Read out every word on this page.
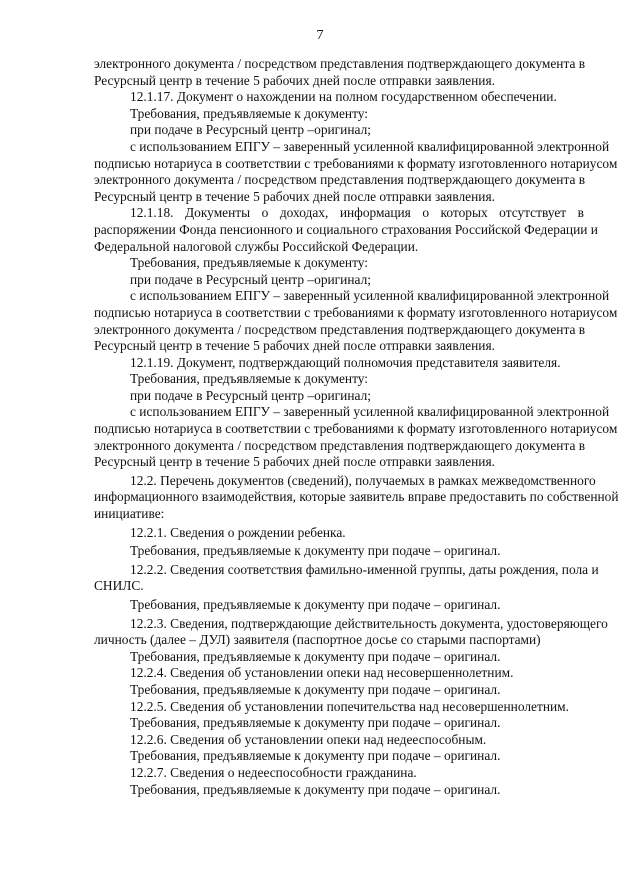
7
электронного документа / посредством представления подтверждающего документа в
Ресурсный центр в течение 5 рабочих дней после отправки заявления.
12.1.17. Документ о нахождении на полном государственном обеспечении.
Требования, предъявляемые к документу:
при подаче в Ресурсный центр –оригинал;
с использованием ЕПГУ – заверенный усиленной квалифицированной электронной
подписью нотариуса в соответствии с требованиями к формату изготовленного нотариусом
электронного документа / посредством представления подтверждающего документа в
Ресурсный центр в течение 5 рабочих дней после отправки заявления.
12.1.18. Документы о доходах, информация о которых отсутствует в
распоряжении Фонда пенсионного и социального страхования Российской Федерации и
Федеральной налоговой службы Российской Федерации.
Требования, предъявляемые к документу:
при подаче в Ресурсный центр –оригинал;
с использованием ЕПГУ – заверенный усиленной квалифицированной электронной
подписью нотариуса в соответствии с требованиями к формату изготовленного нотариусом
электронного документа / посредством представления подтверждающего документа в
Ресурсный центр в течение 5 рабочих дней после отправки заявления.
12.1.19. Документ, подтверждающий полномочия представителя заявителя.
Требования, предъявляемые к документу:
при подаче в Ресурсный центр –оригинал;
с использованием ЕПГУ – заверенный усиленной квалифицированной электронной
подписью нотариуса в соответствии с требованиями к формату изготовленного нотариусом
электронного документа / посредством представления подтверждающего документа в
Ресурсный центр в течение 5 рабочих дней после отправки заявления.
12.2. Перечень документов (сведений), получаемых в рамках межведомственного
информационного взаимодействия, которые заявитель вправе предоставить по собственной
инициативе:
12.2.1. Сведения о рождении ребенка.
Требования, предъявляемые к документу при подаче – оригинал.
12.2.2. Сведения соответствия фамильно-именной группы, даты рождения, пола и
СНИЛС.
Требования, предъявляемые к документу при подаче – оригинал.
12.2.3. Сведения, подтверждающие действительность документа, удостоверяющего
личность (далее – ДУЛ) заявителя (паспортное досье со старыми паспортами)
Требования, предъявляемые к документу при подаче – оригинал.
12.2.4. Сведения об установлении опеки над несовершеннолетним.
Требования, предъявляемые к документу при подаче – оригинал.
12.2.5. Сведения об установлении попечительства над несовершеннолетним.
Требования, предъявляемые к документу при подаче – оригинал.
12.2.6. Сведения об установлении опеки над недееспособным.
Требования, предъявляемые к документу при подаче – оригинал.
12.2.7. Сведения о недееспособности гражданина.
Требования, предъявляемые к документу при подаче – оригинал.
